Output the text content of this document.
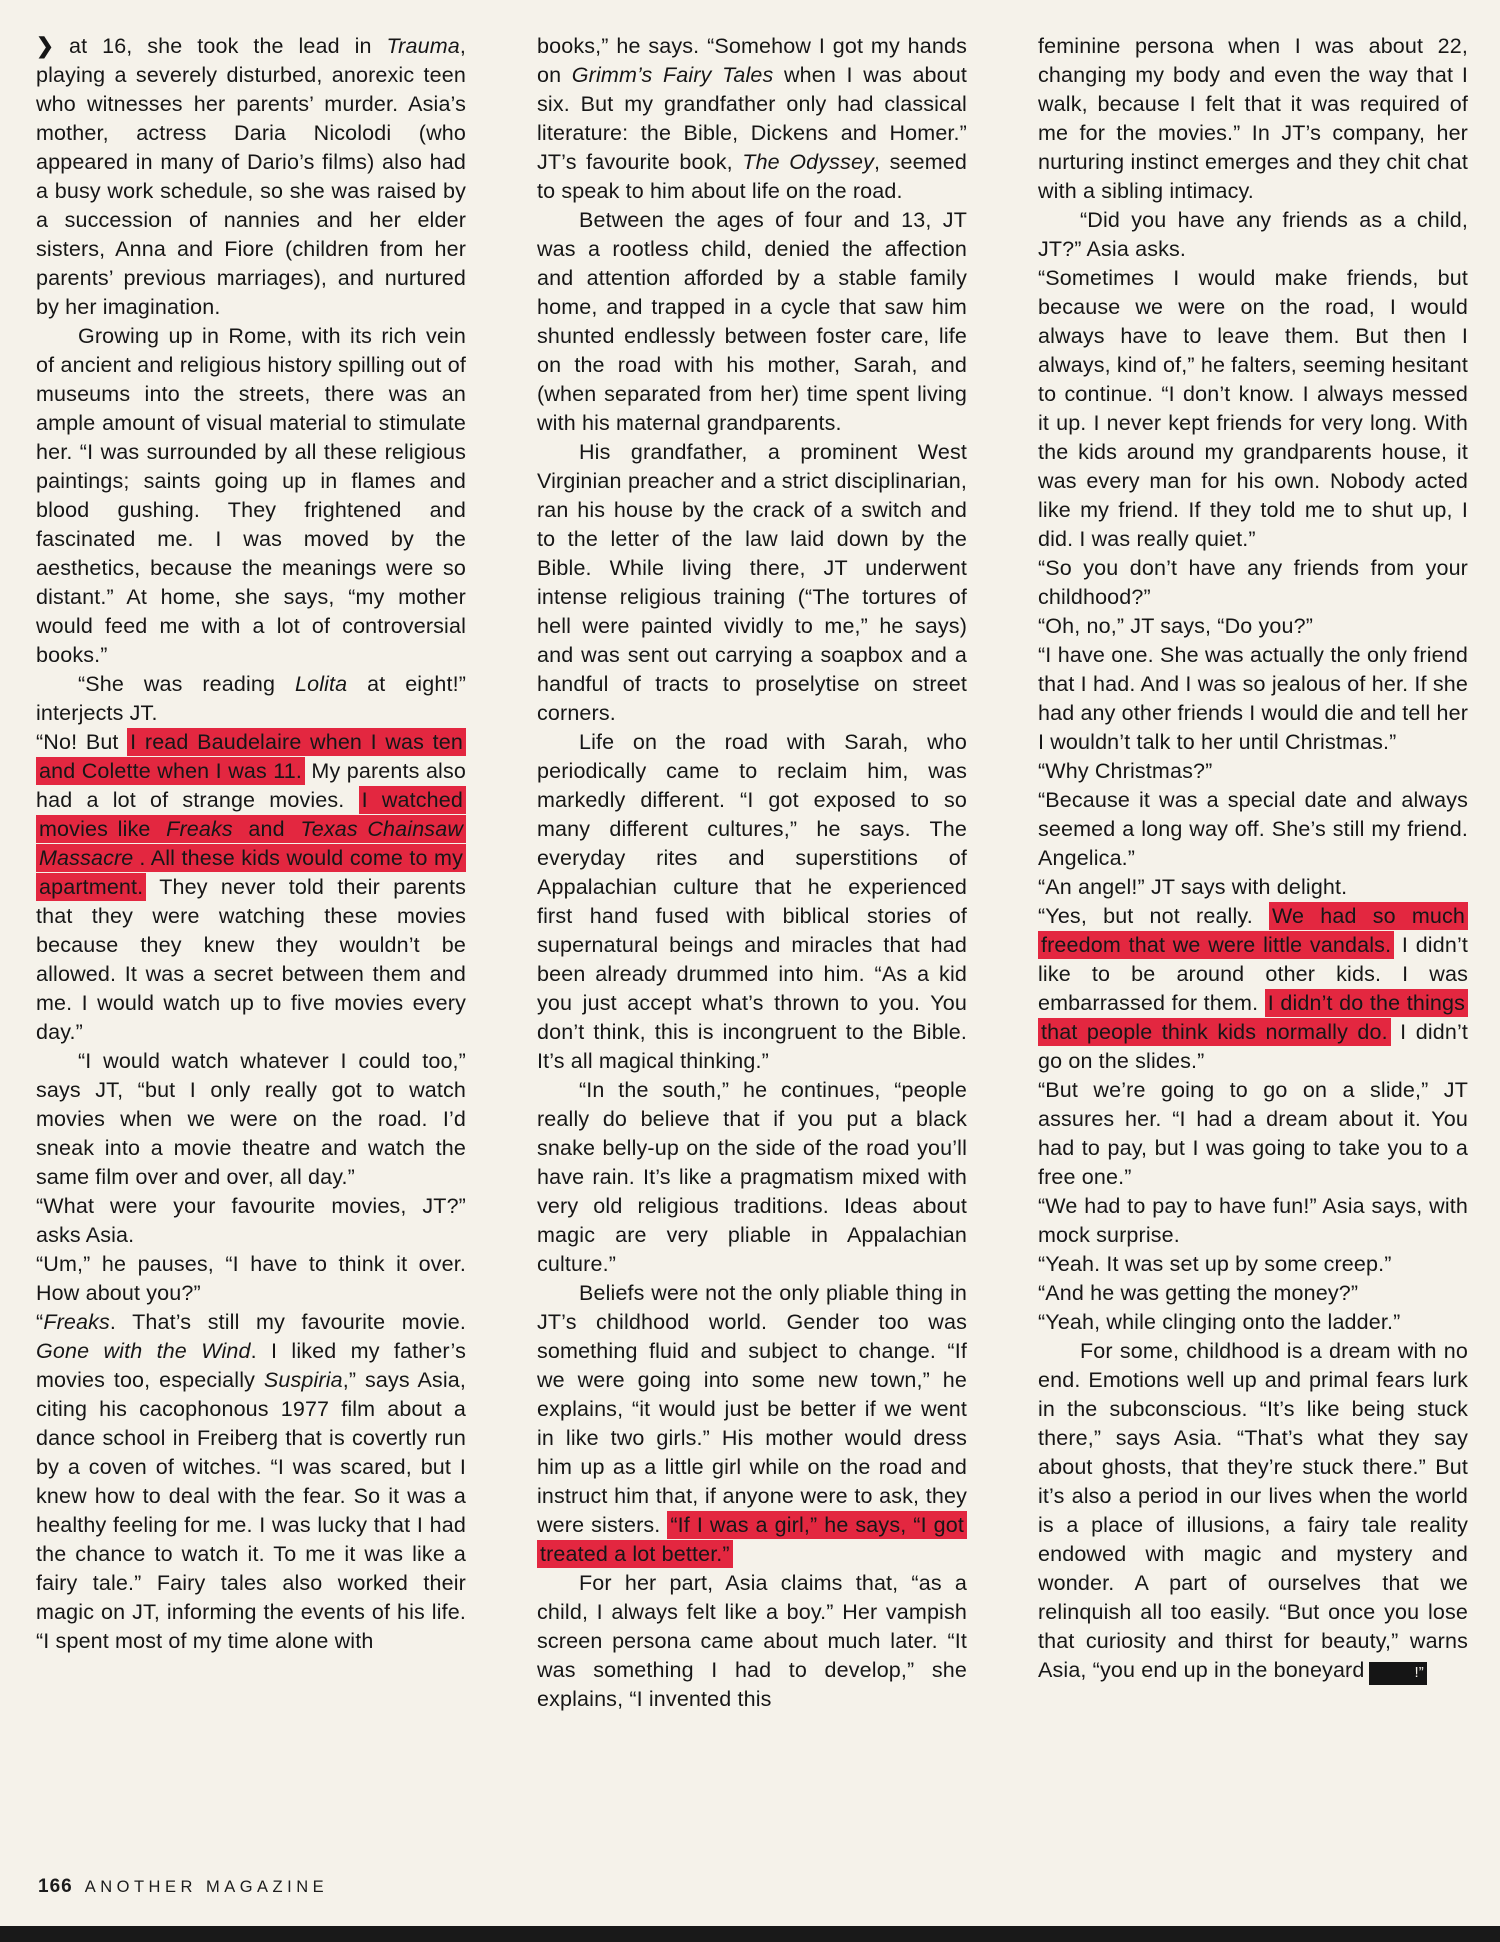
❯ at 16, she took the lead in Trauma, playing a severely disturbed, anorexic teen who witnesses her parents’ murder. Asia’s mother, actress Daria Nicolodi (who appeared in many of Dario’s films) also had a busy work schedule, so she was raised by a succession of nannies and her elder sisters, Anna and Fiore (children from her parents’ previous marriages), and nurtured by her imagination.

Growing up in Rome, with its rich vein of ancient and religious history spilling out of museums into the streets, there was an ample amount of visual material to stimulate her. “I was surrounded by all these religious paintings; saints going up in flames and blood gushing. They frightened and fascinated me. I was moved by the aesthetics, because the meanings were so distant.” At home, she says, “my mother would feed me with a lot of controversial books.”

“She was reading Lolita at eight!” interjects JT.

“No! But I read Baudelaire when I was ten and Colette when I was 11. My parents also had a lot of strange movies. I watched movies like Freaks and Texas Chainsaw Massacre . All these kids would come to my apartment. They never told their parents that they were watching these movies because they knew they wouldn’t be allowed. It was a secret between them and me. I would watch up to five movies every day.”

“I would watch whatever I could too,” says JT, “but I only really got to watch movies when we were on the road. I’d sneak into a movie theatre and watch the same film over and over, all day.”

“What were your favourite movies, JT?” asks Asia.

“Um,” he pauses, “I have to think it over. How about you?”

“Freaks. That’s still my favourite movie. Gone with the Wind. I liked my father’s movies too, especially Suspiria,” says Asia, citing his cacophonous 1977 film about a dance school in Freiberg that is covertly run by a coven of witches. “I was scared, but I knew how to deal with the fear. So it was a healthy feeling for me. I was lucky that I had the chance to watch it. To me it was like a fairy tale.” Fairy tales also worked their magic on JT, informing the events of his life. “I spent most of my time alone with

books,” he says. “Somehow I got my hands on Grimm’s Fairy Tales when I was about six. But my grandfather only had classical literature: the Bible, Dickens and Homer.” JT’s favourite book, The Odyssey, seemed to speak to him about life on the road.

Between the ages of four and 13, JT was a rootless child, denied the affection and attention afforded by a stable family home, and trapped in a cycle that saw him shunted endlessly between foster care, life on the road with his mother, Sarah, and (when separated from her) time spent living with his maternal grandparents.

His grandfather, a prominent West Virginian preacher and a strict disciplinarian, ran his house by the crack of a switch and to the letter of the law laid down by the Bible. While living there, JT underwent intense religious training (“The tortures of hell were painted vividly to me,” he says) and was sent out carrying a soapbox and a handful of tracts to proselytise on street corners.

Life on the road with Sarah, who periodically came to reclaim him, was markedly different. “I got exposed to so many different cultures,” he says. The everyday rites and superstitions of Appalachian culture that he experienced first hand fused with biblical stories of supernatural beings and miracles that had been already drummed into him. “As a kid you just accept what’s thrown to you. You don’t think, this is incongruent to the Bible. It’s all magical thinking.”

“In the south,” he continues, “people really do believe that if you put a black snake belly-up on the side of the road you’ll have rain. It’s like a pragmatism mixed with very old religious traditions. Ideas about magic are very pliable in Appalachian culture.”

Beliefs were not the only pliable thing in JT’s childhood world. Gender too was something fluid and subject to change. “If we were going into some new town,” he explains, “it would just be better if we went in like two girls.” His mother would dress him up as a little girl while on the road and instruct him that, if anyone were to ask, they were sisters. “If I was a girl,” he says, “I got treated a lot better.”

For her part, Asia claims that, “as a child, I always felt like a boy.” Her vampish screen persona came about much later. “It was something I had to develop,” she explains, “I invented this

feminine persona when I was about 22, changing my body and even the way that I walk, because I felt that it was required of me for the movies.” In JT’s company, her nurturing instinct emerges and they chit chat with a sibling intimacy.

“Did you have any friends as a child, JT?” Asia asks.

“Sometimes I would make friends, but because we were on the road, I would always have to leave them. But then I always, kind of,” he falters, seeming hesitant to continue. “I don’t know. I always messed it up. I never kept friends for very long. With the kids around my grandparents house, it was every man for his own. Nobody acted like my friend. If they told me to shut up, I did. I was really quiet.”

“So you don’t have any friends from your childhood?”

“Oh, no,” JT says, “Do you?”

“I have one. She was actually the only friend that I had. And I was so jealous of her. If she had any other friends I would die and tell her I wouldn’t talk to her until Christmas.”

“Why Christmas?”

“Because it was a special date and always seemed a long way off. She’s still my friend. Angelica.”

“An angel!” JT says with delight.

“Yes, but not really. We had so much freedom that we were little vandals. I didn’t like to be around other kids. I was embarrassed for them. I didn’t do the things that people think kids normally do. I didn’t go on the slides.”

“But we’re going to go on a slide,” JT assures her. “I had a dream about it. You had to pay, but I was going to take you to a free one.”

“We had to pay to have fun!” Asia says, with mock surprise.

“Yeah. It was set up by some creep.”

“And he was getting the money?”

“Yeah, while clinging onto the ladder.”

For some, childhood is a dream with no end. Emotions well up and primal fears lurk in the subconscious. “It’s like being stuck there,” says Asia. “That’s what they say about ghosts, that they’re stuck there.” But it’s also a period in our lives when the world is a place of illusions, a fairy tale reality endowed with magic and mystery and wonder. A part of ourselves that we relinquish all too easily. “But once you lose that curiosity and thirst for beauty,” warns Asia, “you end up in the boneyard	!”

166 ANOTHER MAGAZINE
